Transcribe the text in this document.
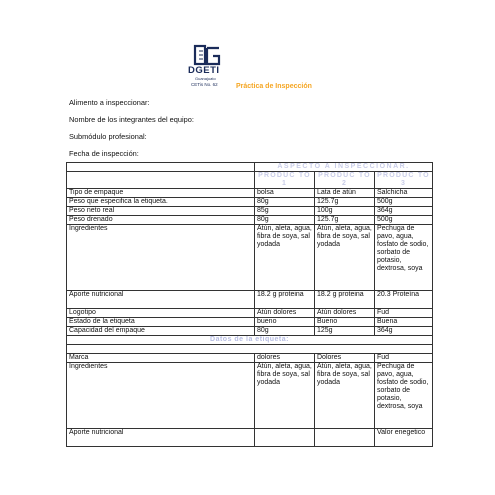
DGETI
Guanajuato
CETis No. 62	Práctica de Inspección
Alimento a inspeccionar:
Nombre de los integrantes del equipo:
Submódulo profesional:
Fecha de inspección:
	ASPECTO A INSPECCIONAR.		
	PRODUC TO 1	PRODUC TO 2	PRODUC TO 3
Tipo de empaque	bolsa	Lata de atún	Salchicha
Peso que especifica la etiqueta.	80g	125.7g	500g
Peso neto real	85g	100g	364g
Peso drenado	80g	125.7g	500g
Ingredientes	Atún, aleta, agua, fibra de soya, sal yodada	Atún, aleta, agua, fibra de soya, sal yodada	Pechuga de pavo, agua, fosfato de sodio, sorbato de potasio, dextrosa, soya
Aporte nutricional	18.2 g proteina	18.2 g proteina	20.3 Proteína
Logotipo	Atún dolores	Atún dolores	Fud
Estado de la etiqueta	bueno	Bueno	Buena
Capacidad del empaque	80g	125g	364g
Datos de la etiqueta:			

Marca	dolores	Dolores	Fud
Ingredientes	Atún, aleta, agua, fibra de soya, sal yodada	Atún, aleta, agua, fibra de soya, sal yodada	Pechuga de pavo, agua, fosfato de sodio, sorbato de potasio, dextrosa, soya
Aporte nutricional			Valor enegetico
